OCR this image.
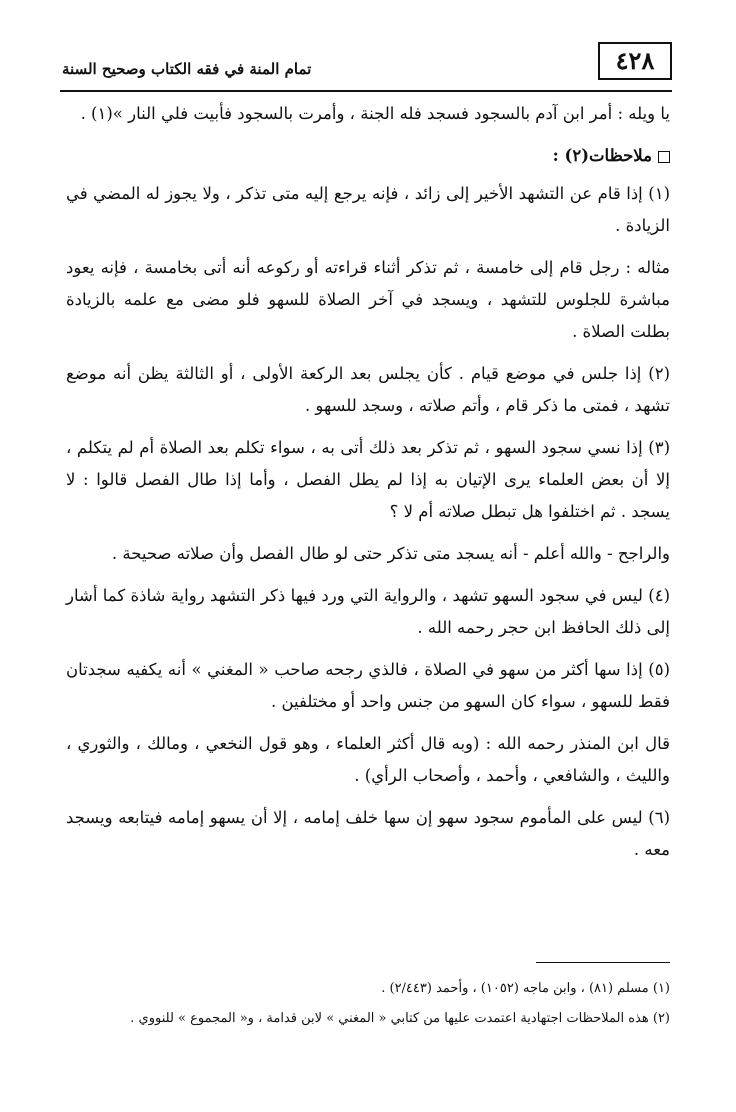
٤٢٨
تمام المنة في فقه الكتاب وصحيح السنة

يا ويله : أمر ابن آدم بالسجود فسجد فله الجنة ، وأمرت بالسجود فأبيت فلي النار »(١) .

ملاحظات(٢) :

(١) إذا قام عن التشهد الأخير إلى زائد ، فإنه يرجع إليه متى تذكر ، ولا يجوز له المضي في الزيادة .

مثاله : رجل قام إلى خامسة ، ثم تذكر أثناء قراءته أو ركوعه أنه أتى بخامسة ، فإنه يعود مباشرة للجلوس للتشهد ، ويسجد في آخر الصلاة للسهو فلو مضى مع علمه بالزيادة بطلت الصلاة .

(٢) إذا جلس في موضع قيام . كأن يجلس بعد الركعة الأولى ، أو الثالثة يظن أنه موضع تشهد ، فمتى ما ذكر قام ، وأتم صلاته ، وسجد للسهو .

(٣) إذا نسي سجود السهو ، ثم تذكر بعد ذلك أتى به ، سواء تكلم بعد الصلاة أم لم يتكلم ، إلا أن بعض العلماء يرى الإتيان به إذا لم يطل الفصل ، وأما إذا طال الفصل قالوا : لا يسجد . ثم اختلفوا هل تبطل صلاته أم لا ؟

والراجح - والله أعلم - أنه يسجد متى تذكر حتى لو طال الفصل وأن صلاته صحيحة .

(٤) ليس في سجود السهو تشهد ، والرواية التي ورد فيها ذكر التشهد رواية شاذة كما أشار إلى ذلك الحافظ ابن حجر رحمه الله .

(٥) إذا سها أكثر من سهو في الصلاة ، فالذي رجحه صاحب « المغني » أنه يكفيه سجدتان فقط للسهو ، سواء كان السهو من جنس واحد أو مختلفين .

قال ابن المنذر رحمه الله : (وبه قال أكثر العلماء ، وهو قول النخعي ، ومالك ، والثوري ، والليث ، والشافعي ، وأحمد ، وأصحاب الرأي) .

(٦) ليس على المأموم سجود سهو إن سها خلف إمامه ، إلا أن يسهو إمامه فيتابعه ويسجد معه .

(١) مسلم (٨١) ، وابن ماجه (١٠٥٢) ، وأحمد (٢/٤٤٣) .
(٢) هذه الملاحظات اجتهادية اعتمدت عليها من كتابي « المغني » لابن قدامة ، و« المجموع » للنووي .
